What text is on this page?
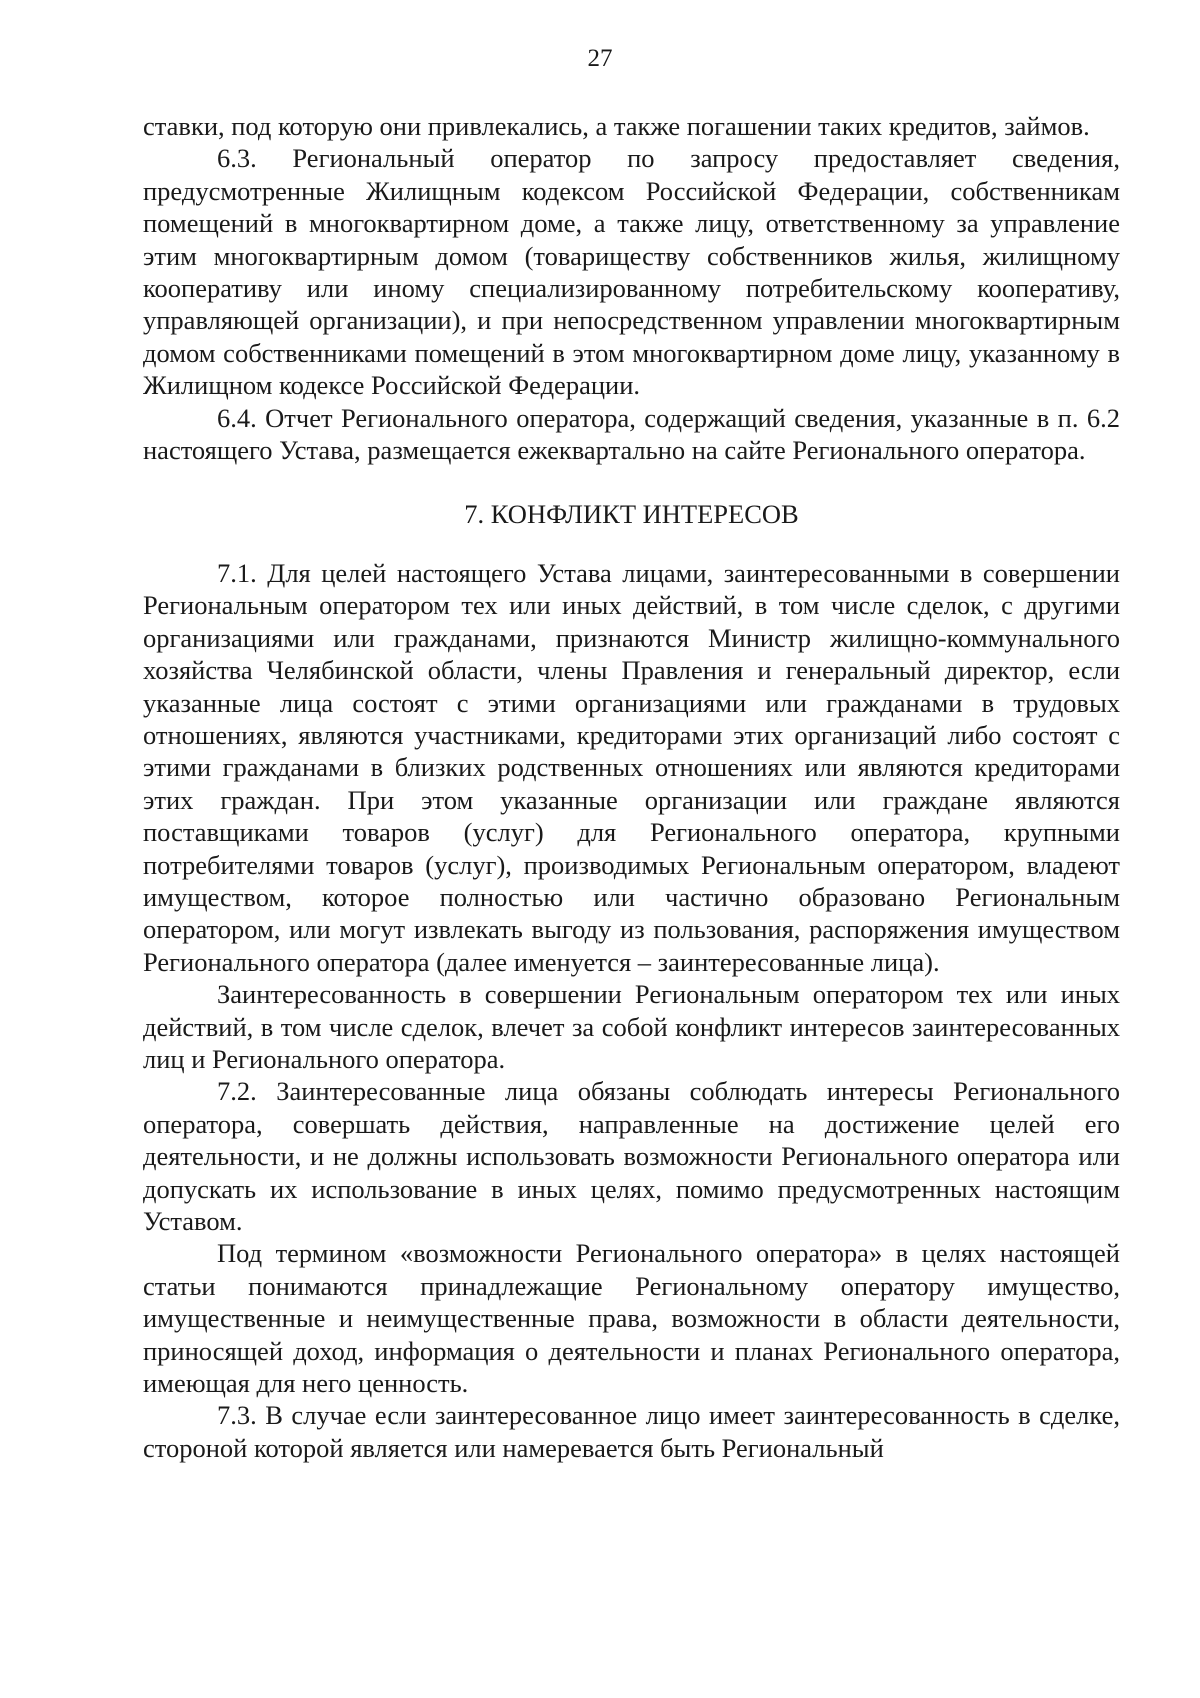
27

ставки, под которую они привлекались, а также погашении таких кредитов, займов.

6.3. Региональный оператор по запросу предоставляет сведения, предусмотренные Жилищным кодексом Российской Федерации, собственникам помещений в многоквартирном доме, а также лицу, ответственному за управление этим многоквартирным домом (товариществу собственников жилья, жилищному кооперативу или иному специализированному потребительскому кооперативу, управляющей организации), и при непосредственном управлении многоквартирным домом собственниками помещений в этом многоквартирном доме лицу, указанному в Жилищном кодексе Российской Федерации.

6.4. Отчет Регионального оператора, содержащий сведения, указанные в п. 6.2 настоящего Устава, размещается ежеквартально на сайте Регионального оператора.

7. КОНФЛИКТ ИНТЕРЕСОВ

7.1. Для целей настоящего Устава лицами, заинтересованными в совершении Региональным оператором тех или иных действий, в том числе сделок, с другими организациями или гражданами, признаются Министр жилищно-коммунального хозяйства Челябинской области, члены Правления и генеральный директор, если указанные лица состоят с этими организациями или гражданами в трудовых отношениях, являются участниками, кредиторами этих организаций либо состоят с этими гражданами в близких родственных отношениях или являются кредиторами этих граждан. При этом указанные организации или граждане являются поставщиками товаров (услуг) для Регионального оператора, крупными потребителями товаров (услуг), производимых Региональным оператором, владеют имуществом, которое полностью или частично образовано Региональным оператором, или могут извлекать выгоду из пользования, распоряжения имуществом Регионального оператора (далее именуется – заинтересованные лица).

Заинтересованность в совершении Региональным оператором тех или иных действий, в том числе сделок, влечет за собой конфликт интересов заинтересованных лиц и Регионального оператора.

7.2. Заинтересованные лица обязаны соблюдать интересы Регионального оператора, совершать действия, направленные на достижение целей его деятельности, и не должны использовать возможности Регионального оператора или допускать их использование в иных целях, помимо предусмотренных настоящим Уставом.

Под термином «возможности Регионального оператора» в целях настоящей статьи понимаются принадлежащие Региональному оператору имущество, имущественные и неимущественные права, возможности в области деятельности, приносящей доход, информация о деятельности и планах Регионального оператора, имеющая для него ценность.

7.3. В случае если заинтересованное лицо имеет заинтересованность в сделке, стороной которой является или намеревается быть Региональный
